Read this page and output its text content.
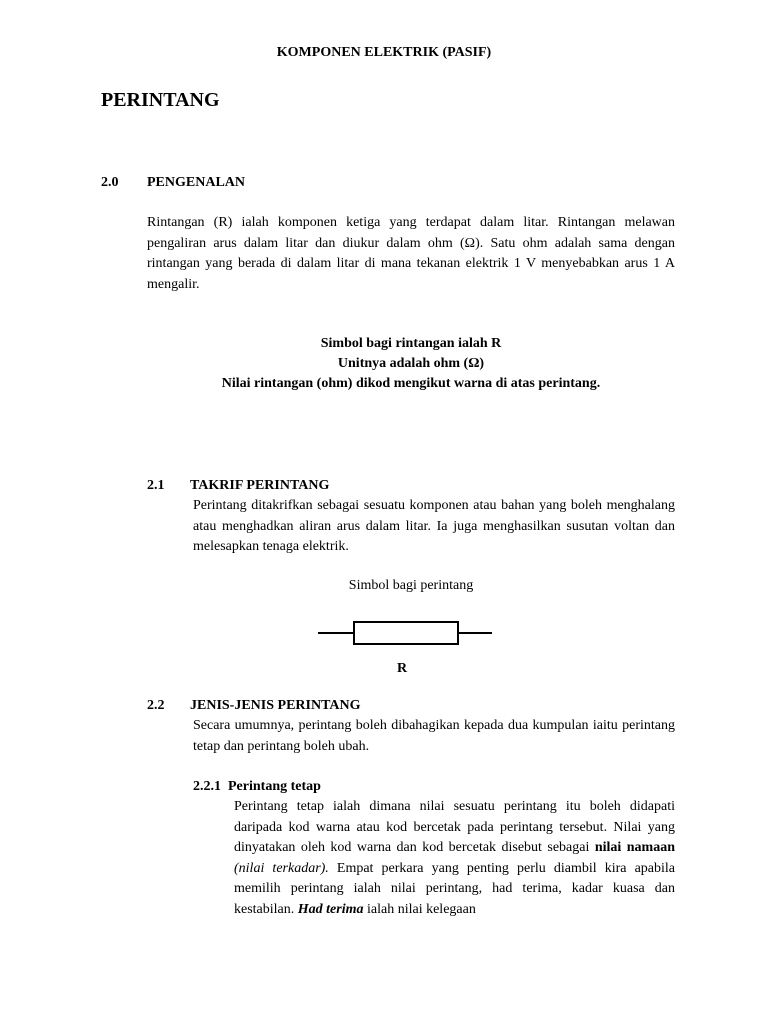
KOMPONEN ELEKTRIK (PASIF)
PERINTANG
2.0 PENGENALAN
Rintangan (R) ialah komponen ketiga yang terdapat dalam litar. Rintangan melawan pengaliran arus dalam litar dan diukur dalam ohm (Ω). Satu ohm adalah sama dengan rintangan yang berada di dalam litar di mana tekanan elektrik 1 V menyebabkan arus 1 A mengalir.
Simbol bagi rintangan ialah R
Unitnya adalah ohm (Ω)
Nilai rintangan (ohm) dikod mengikut warna di atas perintang.
2.1 TAKRIF PERINTANG
Perintang ditakrifkan sebagai sesuatu komponen atau bahan yang boleh menghalang atau menghadkan aliran arus dalam litar. Ia juga menghasilkan susutan voltan dan melesapkan tenaga elektrik.
Simbol bagi perintang
R
2.2 JENIS-JENIS PERINTANG
Secara umumnya, perintang boleh dibahagikan kepada dua kumpulan iaitu perintang tetap dan perintang boleh ubah.
2.2.1 Perintang tetap
Perintang tetap ialah dimana nilai sesuatu perintang itu boleh didapati daripada kod warna atau kod bercetak pada perintang tersebut. Nilai yang dinyatakan oleh kod warna dan kod bercetak disebut sebagai nilai namaan (nilai terkadar). Empat perkara yang penting perlu diambil kira apabila memilih perintang ialah nilai perintang, had terima, kadar kuasa dan kestabilan. Had terima ialah nilai kelegaan
